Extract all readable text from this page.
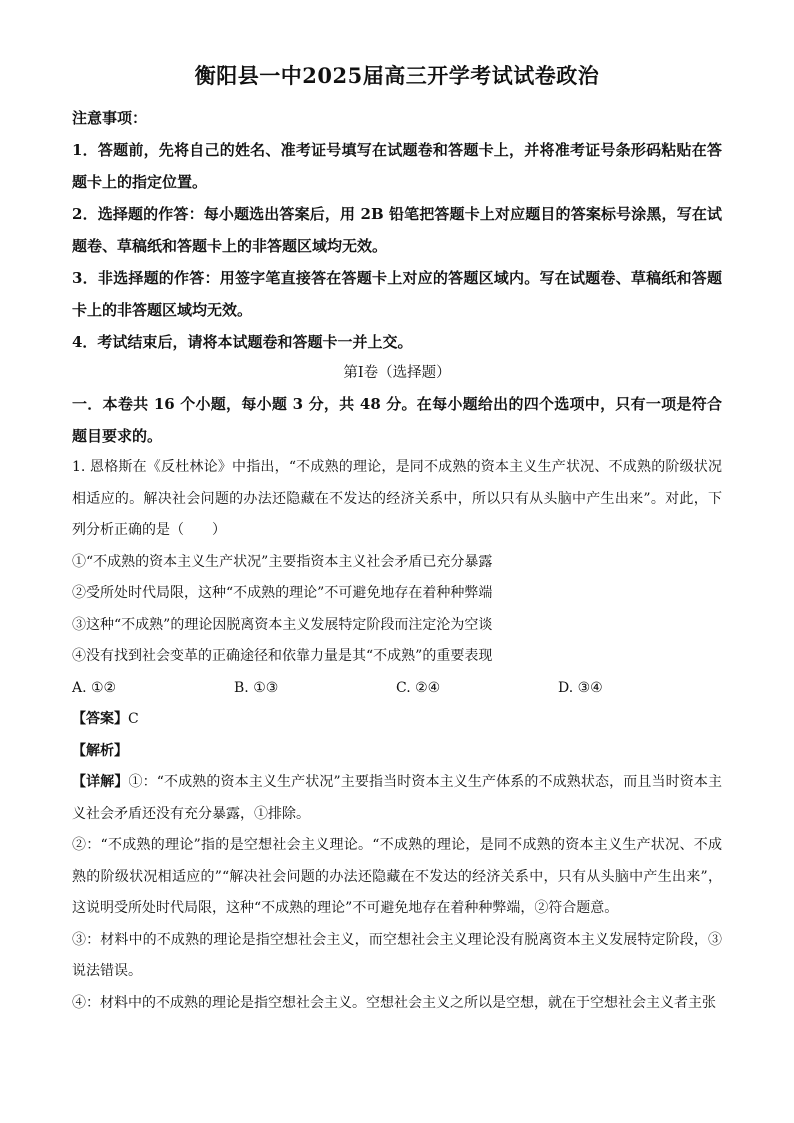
衡阳县一中2025届高三开学考试试卷政治

注意事项：

1．答题前，先将自己的姓名、准考证号填写在试题卷和答题卡上，并将准考证号条形码粘贴在答题卡上的指定位置。

2．选择题的作答：每小题选出答案后，用 2B 铅笔把答题卡上对应题目的答案标号涂黑，写在试题卷、草稿纸和答题卡上的非答题区域均无效。

3．非选择题的作答：用签字笔直接答在答题卡上对应的答题区域内。写在试题卷、草稿纸和答题卡上的非答题区域均无效。

4．考试结束后，请将本试题卷和答题卡一并上交。

第Ⅰ卷（选择题）

一．本卷共 16 个小题，每小题 3 分，共 48 分。在每小题给出的四个选项中，只有一项是符合题目要求的。

1. 恩格斯在《反杜林论》中指出，“不成熟的理论，是同不成熟的资本主义生产状况、不成熟的阶级状况相适应的。解决社会问题的办法还隐藏在不发达的经济关系中，所以只有从头脑中产生出来”。对此，下列分析正确的是（　　）

①“不成熟的资本主义生产状况”主要指资本主义社会矛盾已充分暴露

②受所处时代局限，这种“不成熟的理论”不可避免地存在着种种弊端

③这种“不成熟”的理论因脱离资本主义发展特定阶段而注定沦为空谈

④没有找到社会变革的正确途径和依靠力量是其“不成熟”的重要表现

A. ①②	B. ①③	C. ②④	D. ③④

【答案】C

【解析】

【详解】①：“不成熟的资本主义生产状况”主要指当时资本主义生产体系的不成熟状态，而且当时资本主义社会矛盾还没有充分暴露，①排除。

②：“不成熟的理论”指的是空想社会主义理论。“不成熟的理论，是同不成熟的资本主义生产状况、不成熟的阶级状况相适应的”“解决社会问题的办法还隐藏在不发达的经济关系中，只有从头脑中产生出来”，这说明受所处时代局限，这种“不成熟的理论”不可避免地存在着种种弊端，②符合题意。

③：材料中的不成熟的理论是指空想社会主义，而空想社会主义理论没有脱离资本主义发展特定阶段，③说法错误。

④：材料中的不成熟的理论是指空想社会主义。空想社会主义之所以是空想，就在于空想社会主义者主张
